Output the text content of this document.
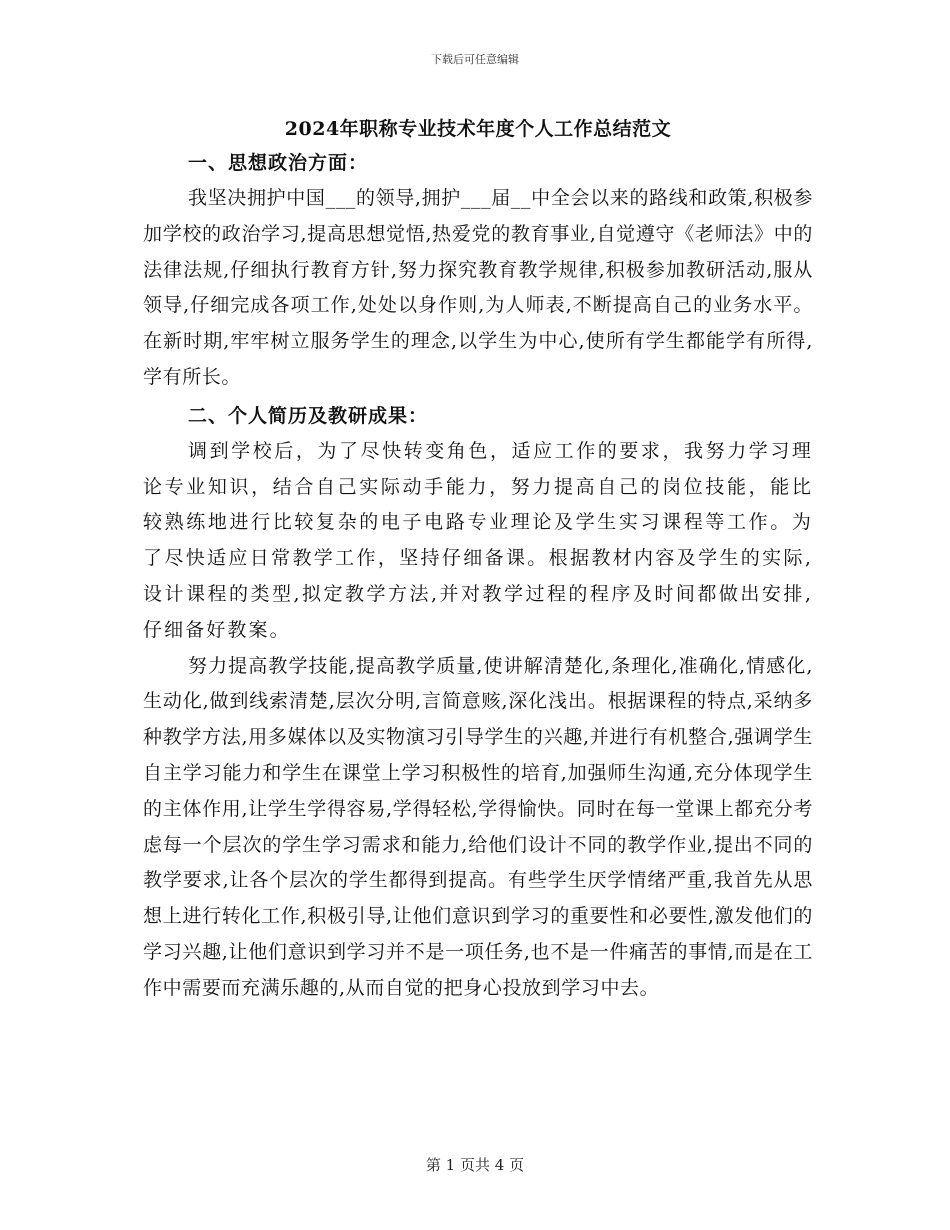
下载后可任意编辑
2024年职称专业技术年度个人工作总结范文
一、思想政治方面：

我坚决拥护中国___的领导,拥护___届__中全会以来的路线和政策,积极参加学校的政治学习,提高思想觉悟,热爱党的教育事业,自觉遵守《老师法》中的法律法规,仔细执行教育方针,努力探究教育教学规律,积极参加教研活动,服从领导,仔细完成各项工作,处处以身作则,为人师表,不断提高自己的业务水平。在新时期,牢牢树立服务学生的理念,以学生为中心,使所有学生都能学有所得,学有所长。

二、个人简历及教研成果：

调到学校后，为了尽快转变角色，适应工作的要求，我努力学习理论专业知识，结合自己实际动手能力，努力提高自己的岗位技能，能比较熟练地进行比较复杂的电子电路专业理论及学生实习课程等工作。为了尽快适应日常教学工作，坚持仔细备课。根据教材内容及学生的实际,设计课程的类型,拟定教学方法,并对教学过程的程序及时间都做出安排,仔细备好教案。

努力提高教学技能,提高教学质量,使讲解清楚化,条理化,准确化,情感化,生动化,做到线索清楚,层次分明,言简意赅,深化浅出。根据课程的特点,采纳多种教学方法,用多媒体以及实物演习引导学生的兴趣,并进行有机整合,强调学生自主学习能力和学生在课堂上学习积极性的培育,加强师生沟通,充分体现学生的主体作用,让学生学得容易,学得轻松,学得愉快。同时在每一堂课上都充分考虑每一个层次的学生学习需求和能力,给他们设计不同的教学作业,提出不同的教学要求,让各个层次的学生都得到提高。有些学生厌学情绪严重,我首先从思想上进行转化工作,积极引导,让他们意识到学习的重要性和必要性,激发他们的学习兴趣,让他们意识到学习并不是一项任务,也不是一件痛苦的事情,而是在工作中需要而充满乐趣的,从而自觉的把身心投放到学习中去。

第 1 页共 4 页
